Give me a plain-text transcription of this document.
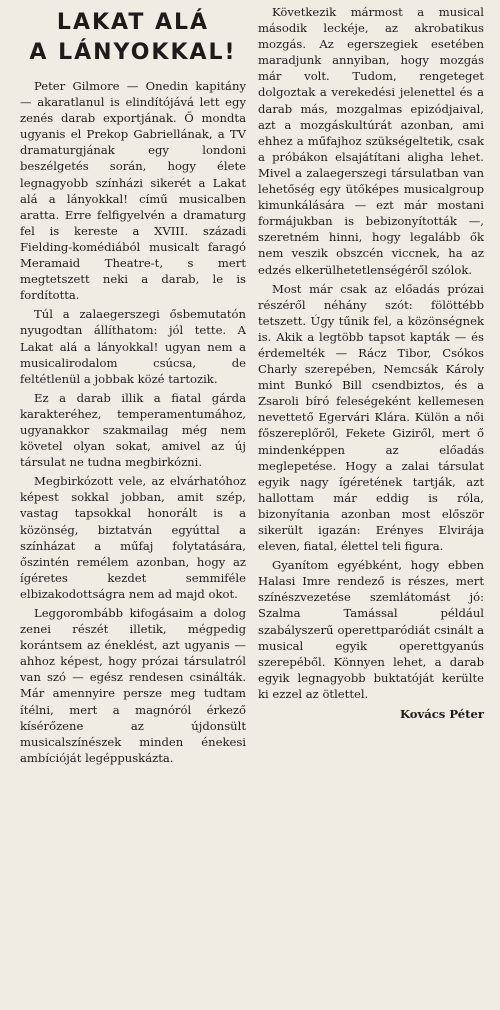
LAKAT ALÁ
A LÁNYOKKAL!

Peter Gilmore — Onedin kapitány — akaratlanul is elindítójává lett egy zenés darab exportjának. Ő mondta ugyanis el Prekop Gabriellának, a TV dramaturgjának egy londoni beszélgetés során, hogy élete legnagyobb színházi sikerét a Lakat alá a lányokkal! című musicalben aratta. Erre felfigyelvén a dramaturg fel is kereste a XVIII. századi Fielding-komédiából musicalt faragó Meramaid Theatre-t, s mert megtetszett neki a darab, le is fordította.

Túl a zalaegerszegi ősbemutatón nyugodtan állíthatom: jól tette. A Lakat alá a lányokkal! ugyan nem a musicalirodalom csúcsa, de feltétlenül a jobbak közé tartozik.

Ez a darab illik a fiatal gárda karakteréhez, temperamentumához, ugyanakkor szakmailag még nem követel olyan sokat, amivel az új társulat ne tudna megbirkózni.

Megbirkózott vele, az elvárhatóhoz képest sokkal jobban, amit szép, vastag tapsokkal honorált is a közönség, biztatván egyúttal a színházat a műfaj folytatására, őszintén remélem azonban, hogy az ígéretes kezdet semmiféle elbizakodottságra nem ad majd okot.

Leggorombább kifogásaim a dolog zenei részét illetik, mégpedig korántsem az éneklést, azt ugyanis — ahhoz képest, hogy prózai társulatról van szó — egész rendesen csinálták. Már amennyire persze meg tudtam ítélni, mert a magnóról érkező kísérőzene az újdonsült musicalszínészek minden énekesi ambícióját legéppuskázta.

Következik mármost a musical második leckéje, az akrobatikus mozgás. Az egerszegiek esetében maradjunk annyiban, hogy mozgás már volt. Tudom, rengeteget dolgoztak a verekedési jelenettel és a darab más, mozgalmas epizódjaival, azt a mozgáskultúrát azonban, ami ehhez a műfajhoz szükségeltetik, csak a próbákon elsajátítani aligha lehet. Mivel a zalaegerszegi társulatban van lehetőség egy ütőképes musicalgroup kimunkálására — ezt már mostani formájukban is bebizonyították —, szeretném hinni, hogy legalább ők nem veszik obszcén viccnek, ha az edzés elkerülhetetlenségéről szólok.

Most már csak az előadás prózai részéről néhány szót: fölöttébb tetszett. Úgy tűnik fel, a közönségnek is. Akik a legtöbb tapsot kapták — és érdemelték — Rácz Tibor, Csókos Charly szerepében, Nemcsák Károly mint Bunkó Bill csendbiztos, és a Zsaroli bíró feleségeként kellemesen nevettető Egervári Klára. Külön a női főszereplőről, Fekete Giziről, mert ő mindenképpen az előadás meglepetése. Hogy a zalai társulat egyik nagy ígéretének tartják, azt hallottam már eddig is róla, bizonyítania azonban most először sikerült igazán: Erényes Elvirája eleven, fiatal, élettel teli figura.

Gyanítom egyébként, hogy ebben Halasi Imre rendező is részes, mert színészvezetése szemlátomást jó: Szalma Tamással például szabályszerű operettparódiát csinált a musical egyik operettgyanús szerepéből. Könnyen lehet, a darab egyik legnagyobb buktatóját kerülte ki ezzel az ötlettel.

Kovács Péter
